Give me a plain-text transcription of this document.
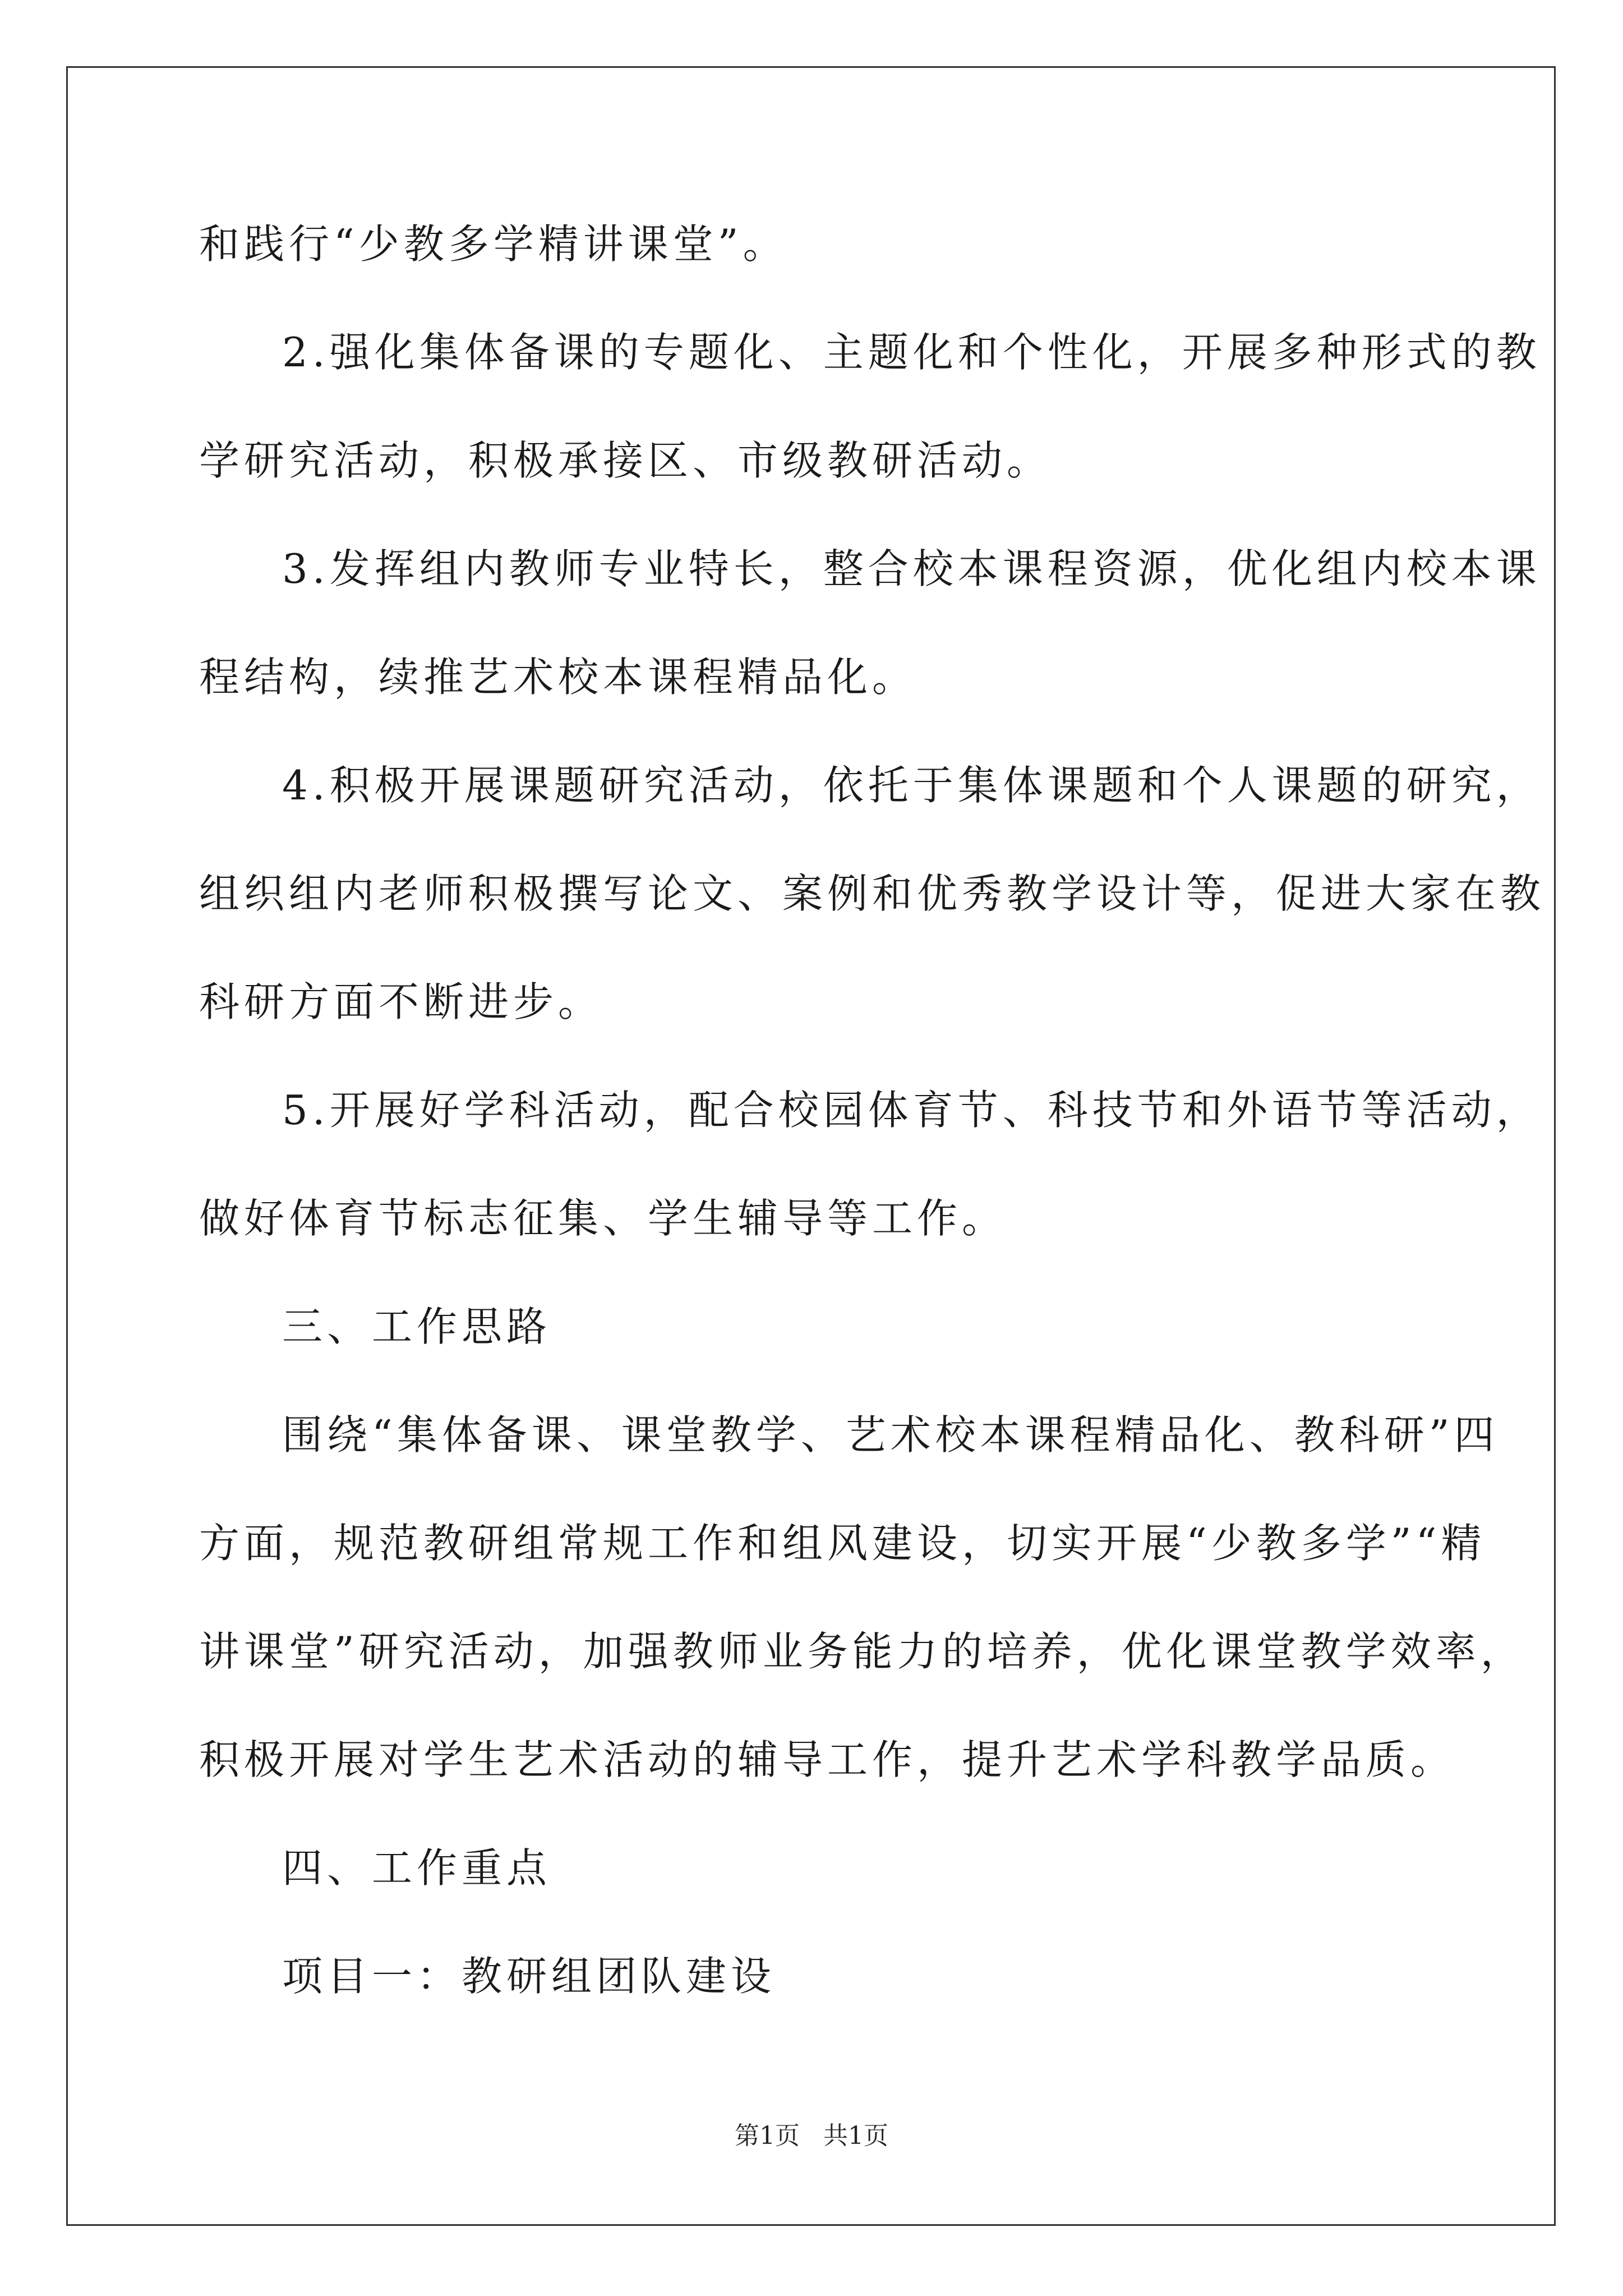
和践行“少教多学精讲课堂”。
2.强化集体备课的专题化、主题化和个性化，开展多种形式的教
学研究活动，积极承接区、市级教研活动。
3.发挥组内教师专业特长，整合校本课程资源，优化组内校本课
程结构，续推艺术校本课程精品化。
4.积极开展课题研究活动，依托于集体课题和个人课题的研究，
组织组内老师积极撰写论文、案例和优秀教学设计等，促进大家在教
科研方面不断进步。
5.开展好学科活动，配合校园体育节、科技节和外语节等活动，
做好体育节标志征集、学生辅导等工作。
三、工作思路
围绕“集体备课、课堂教学、艺术校本课程精品化、教科研”四
方面，规范教研组常规工作和组风建设，切实开展“少教多学”“精
讲课堂”研究活动，加强教师业务能力的培养，优化课堂教学效率，
积极开展对学生艺术活动的辅导工作，提升艺术学科教学品质。
四、工作重点
项目一：教研组团队建设
第1页 共1页
